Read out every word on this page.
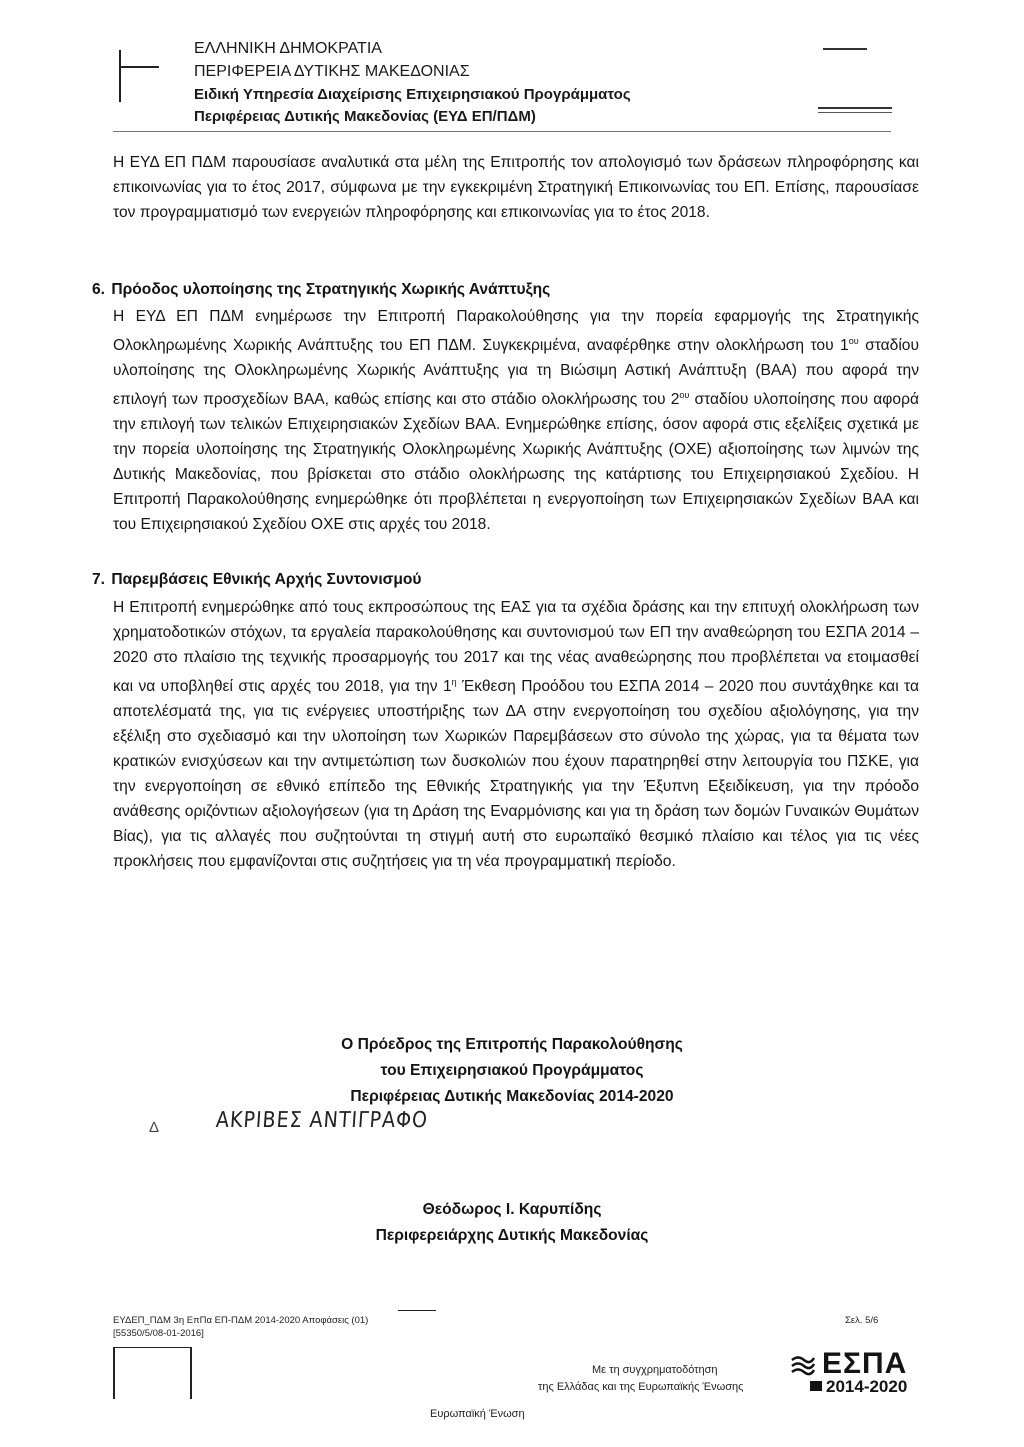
ΕΛΛΗΝΙΚΗ ΔΗΜΟΚΡΑΤΙΑ
ΠΕΡΙΦΕΡΕΙΑ ΔΥΤΙΚΗΣ ΜΑΚΕΔΟΝΙΑΣ
Ειδική Υπηρεσία Διαχείρισης Επιχειρησιακού Προγράμματος
Περιφέρειας Δυτικής Μακεδονίας (ΕΥΔ ΕΠ/ΠΔΜ)
Η ΕΥΔ ΕΠ ΠΔΜ παρουσίασε αναλυτικά στα μέλη της Επιτροπής τον απολογισμό των δράσεων πληροφόρησης και επικοινωνίας για το έτος 2017, σύμφωνα με την εγκεκριμένη Στρατηγική Επικοινωνίας του ΕΠ. Επίσης, παρουσίασε τον προγραμματισμό των ενεργειών πληροφόρησης και επικοινωνίας για το έτος 2018.
6. Πρόοδος υλοποίησης της Στρατηγικής Χωρικής Ανάπτυξης
Η ΕΥΔ ΕΠ ΠΔΜ ενημέρωσε την Επιτροπή Παρακολούθησης για την πορεία εφαρμογής της Στρατηγικής Ολοκληρωμένης Χωρικής Ανάπτυξης του ΕΠ ΠΔΜ. Συγκεκριμένα, αναφέρθηκε στην ολοκλήρωση του $1^{o\upsilon}$ σταδίου υλοποίησης της Ολοκληρωμένης Χωρικής Ανάπτυξης για τη Βιώσιμη Αστική Ανάπτυξη (ΒΑΑ) που αφορά την επιλογή των προσχεδίων ΒΑΑ, καθώς επίσης και στο στάδιο ολοκλήρωσης του $2^{o\upsilon}$ σταδίου υλοποίησης που αφορά την επιλογή των τελικών Επιχειρησιακών Σχεδίων ΒΑΑ. Ενημερώθηκε επίσης, όσον αφορά στις εξελίξεις σχετικά με την πορεία υλοποίησης της Στρατηγικής Ολοκληρωμένης Χωρικής Ανάπτυξης (ΟΧΕ) αξιοποίησης των λιμνών της Δυτικής Μακεδονίας, που βρίσκεται στο στάδιο ολοκλήρωσης της κατάρτισης του Επιχειρησιακού Σχεδίου. Η Επιτροπή Παρακολούθησης ενημερώθηκε ότι προβλέπεται η ενεργοποίηση των Επιχειρησιακών Σχεδίων ΒΑΑ και του Επιχειρησιακού Σχεδίου ΟΧΕ στις αρχές του 2018.
7. Παρεμβάσεις Εθνικής Αρχής Συντονισμού
Η Επιτροπή ενημερώθηκε από τους εκπροσώπους της ΕΑΣ για τα σχέδια δράσης και την επιτυχή ολοκλήρωση των χρηματοδοτικών στόχων, τα εργαλεία παρακολούθησης και συντονισμού των ΕΠ την αναθεώρηση του ΕΣΠΑ 2014 – 2020 στο πλαίσιο της τεχνικής προσαρμογής του 2017 και της νέας αναθεώρησης που προβλέπεται να ετοιμασθεί και να υποβληθεί στις αρχές του 2018, για την $1^\eta$ Έκθεση Προόδου του ΕΣΠΑ 2014 – 2020 που συντάχθηκε και τα αποτελέσματά της, για τις ενέργειες υποστήριξης των ΔΑ στην ενεργοποίηση του σχεδίου αξιολόγησης, για την εξέλιξη στο σχεδιασμό και την υλοποίηση των Χωρικών Παρεμβάσεων στο σύνολο της χώρας, για τα θέματα των κρατικών ενισχύσεων και την αντιμετώπιση των δυσκολιών που έχουν παρατηρηθεί στην λειτουργία του ΠΣΚΕ, για την ενεργοποίηση σε εθνικό επίπεδο της Εθνικής Στρατηγικής για την Έξυπνη Εξειδίκευση, για την πρόοδο ανάθεσης οριζόντιων αξιολογήσεων (για τη Δράση της Εναρμόνισης και για τη δράση των δομών Γυναικών Θυμάτων Βίας), για τις αλλαγές που συζητούνται τη στιγμή αυτή στο ευρωπαϊκό θεσμικό πλαίσιο και τέλος για τις νέες προκλήσεις που εμφανίζονται στις συζητήσεις για τη νέα προγραμματική περίοδο.
Ο Πρόεδρος της Επιτροπής Παρακολούθησης
του Επιχειρησιακού Προγράμματος
Περιφέρειας Δυτικής Μακεδονίας 2014-2020
Δ	ΑΚΡΙΒΕΣ ΑΝΤΙΓΡΑΦΟ
Θεόδωρος Ι. Καρυπίδης
Περιφερειάρχης Δυτικής Μακεδονίας
ΕΥΔΕΠ_ΠΔΜ 3η ΕπΠα ΕΠ-ΠΔΜ 2014-2020 Αποφάσεις (01)
[55350/5/08-01-2016]
Σελ. 5/6
Με τη συγχρηματοδότηση
της Ελλάδας και της Ευρωπαϊκής Ένωσης
Ευρωπαϊκή Ένωση
ΕΣΠΑ
2014-2020
